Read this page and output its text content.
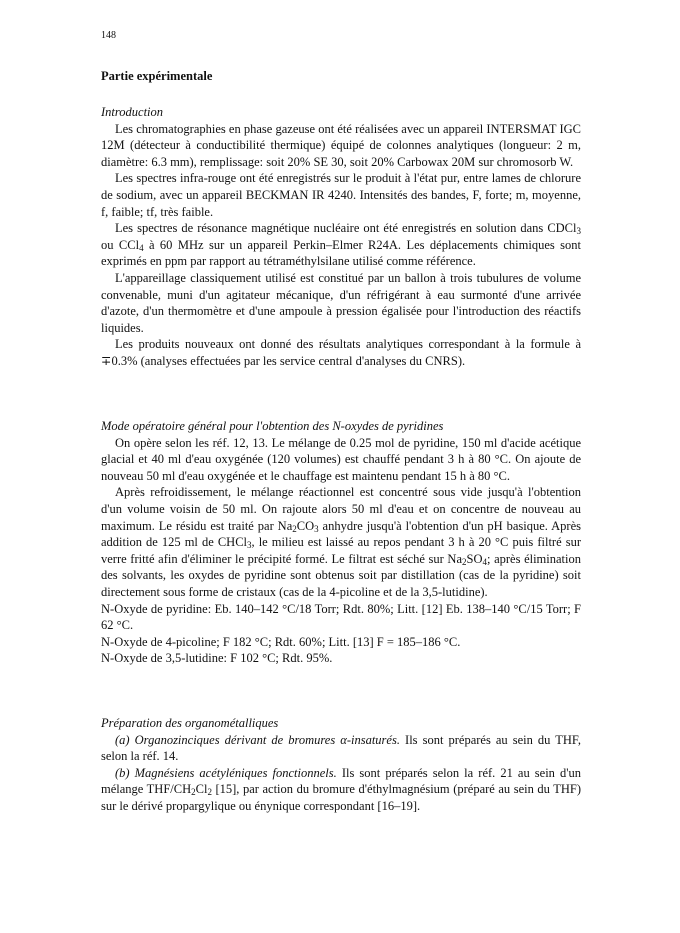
148
Partie expérimentale

Introduction

Les chromatographies en phase gazeuse ont été réalisées avec un appareil INTERSMAT IGC 12M (détecteur à conductibilité thermique) équipé de colonnes analytiques (longueur: 2 m, diamètre: 6.3 mm), remplissage: soit 20% SE 30, soit 20% Carbowax 20M sur chromosorb W.

Les spectres infra-rouge ont été enregistrés sur le produit à l'état pur, entre lames de chlorure de sodium, avec un appareil BECKMAN IR 4240. Intensités des bandes, F, forte; m, moyenne, f, faible; tf, très faible.

Les spectres de résonance magnétique nucléaire ont été enregistrés en solution dans CDCl$_3$ ou CCl$_4$ à 60 MHz sur un appareil Perkin–Elmer R24A. Les déplacements chimiques sont exprimés en ppm par rapport au tétraméthylsilane utilisé comme référence.

L'appareillage classiquement utilisé est constitué par un ballon à trois tubulures de volume convenable, muni d'un agitateur mécanique, d'un réfrigérant à eau surmonté d'une arrivée d'azote, d'un thermomètre et d'une ampoule à pression égalisée pour l'introduction des réactifs liquides.

Les produits nouveaux ont donné des résultats analytiques correspondant à la formule à ∓0.3% (analyses effectuées par les service central d'analyses du CNRS).

Mode opératoire général pour l'obtention des N-oxydes de pyridines

On opère selon les réf. 12, 13. Le mélange de 0.25 mol de pyridine, 150 ml d'acide acétique glacial et 40 ml d'eau oxygénée (120 volumes) est chauffé pendant 3 h à 80 °C. On ajoute de nouveau 50 ml d'eau oxygénée et le chauffage est maintenu pendant 15 h à 80 °C.

Après refroidissement, le mélange réactionnel est concentré sous vide jusqu'à l'obtention d'un volume voisin de 50 ml. On rajoute alors 50 ml d'eau et on concentre de nouveau au maximum. Le résidu est traité par $Na_2CO_3$ anhydre jusqu'à l'obtention d'un pH basique. Après addition de 125 ml de CHCl$_3$, le milieu est laissé au repos pendant 3 h à 20 °C puis filtré sur verre fritté afin d'éliminer le précipité formé. Le filtrat est séché sur $Na_2SO_4$; après élimination des solvants, les oxydes de pyridine sont obtenus soit par distillation (cas de la pyridine) soit directement sous forme de cristaux (cas de la 4-picoline et de la 3,5-lutidine).

N-Oxyde de pyridine: Eb. 140–142 °C/18 Torr; Rdt. 80%; Litt. [12] Eb. 138–140 °C/15 Torr; F 62 °C.

N-Oxyde de 4-picoline; F 182 °C; Rdt. 60%; Litt. [13] F = 185–186 °C.

N-Oxyde de 3,5-lutidine: F 102 °C; Rdt. 95%.

Préparation des organométalliques

(a) Organozinciques dérivant de bromures α-insaturés. Ils sont préparés au sein du THF, selon la réf. 14.

(b) Magnésiens acétyléniques fonctionnels. Ils sont préparés selon la réf. 21 au sein d'un mélange THF/$CH_2Cl_2$ [15], par action du bromure d'éthylmagnésium (préparé au sein du THF) sur le dérivé propargylique ou énynique correspondant [16–19].
